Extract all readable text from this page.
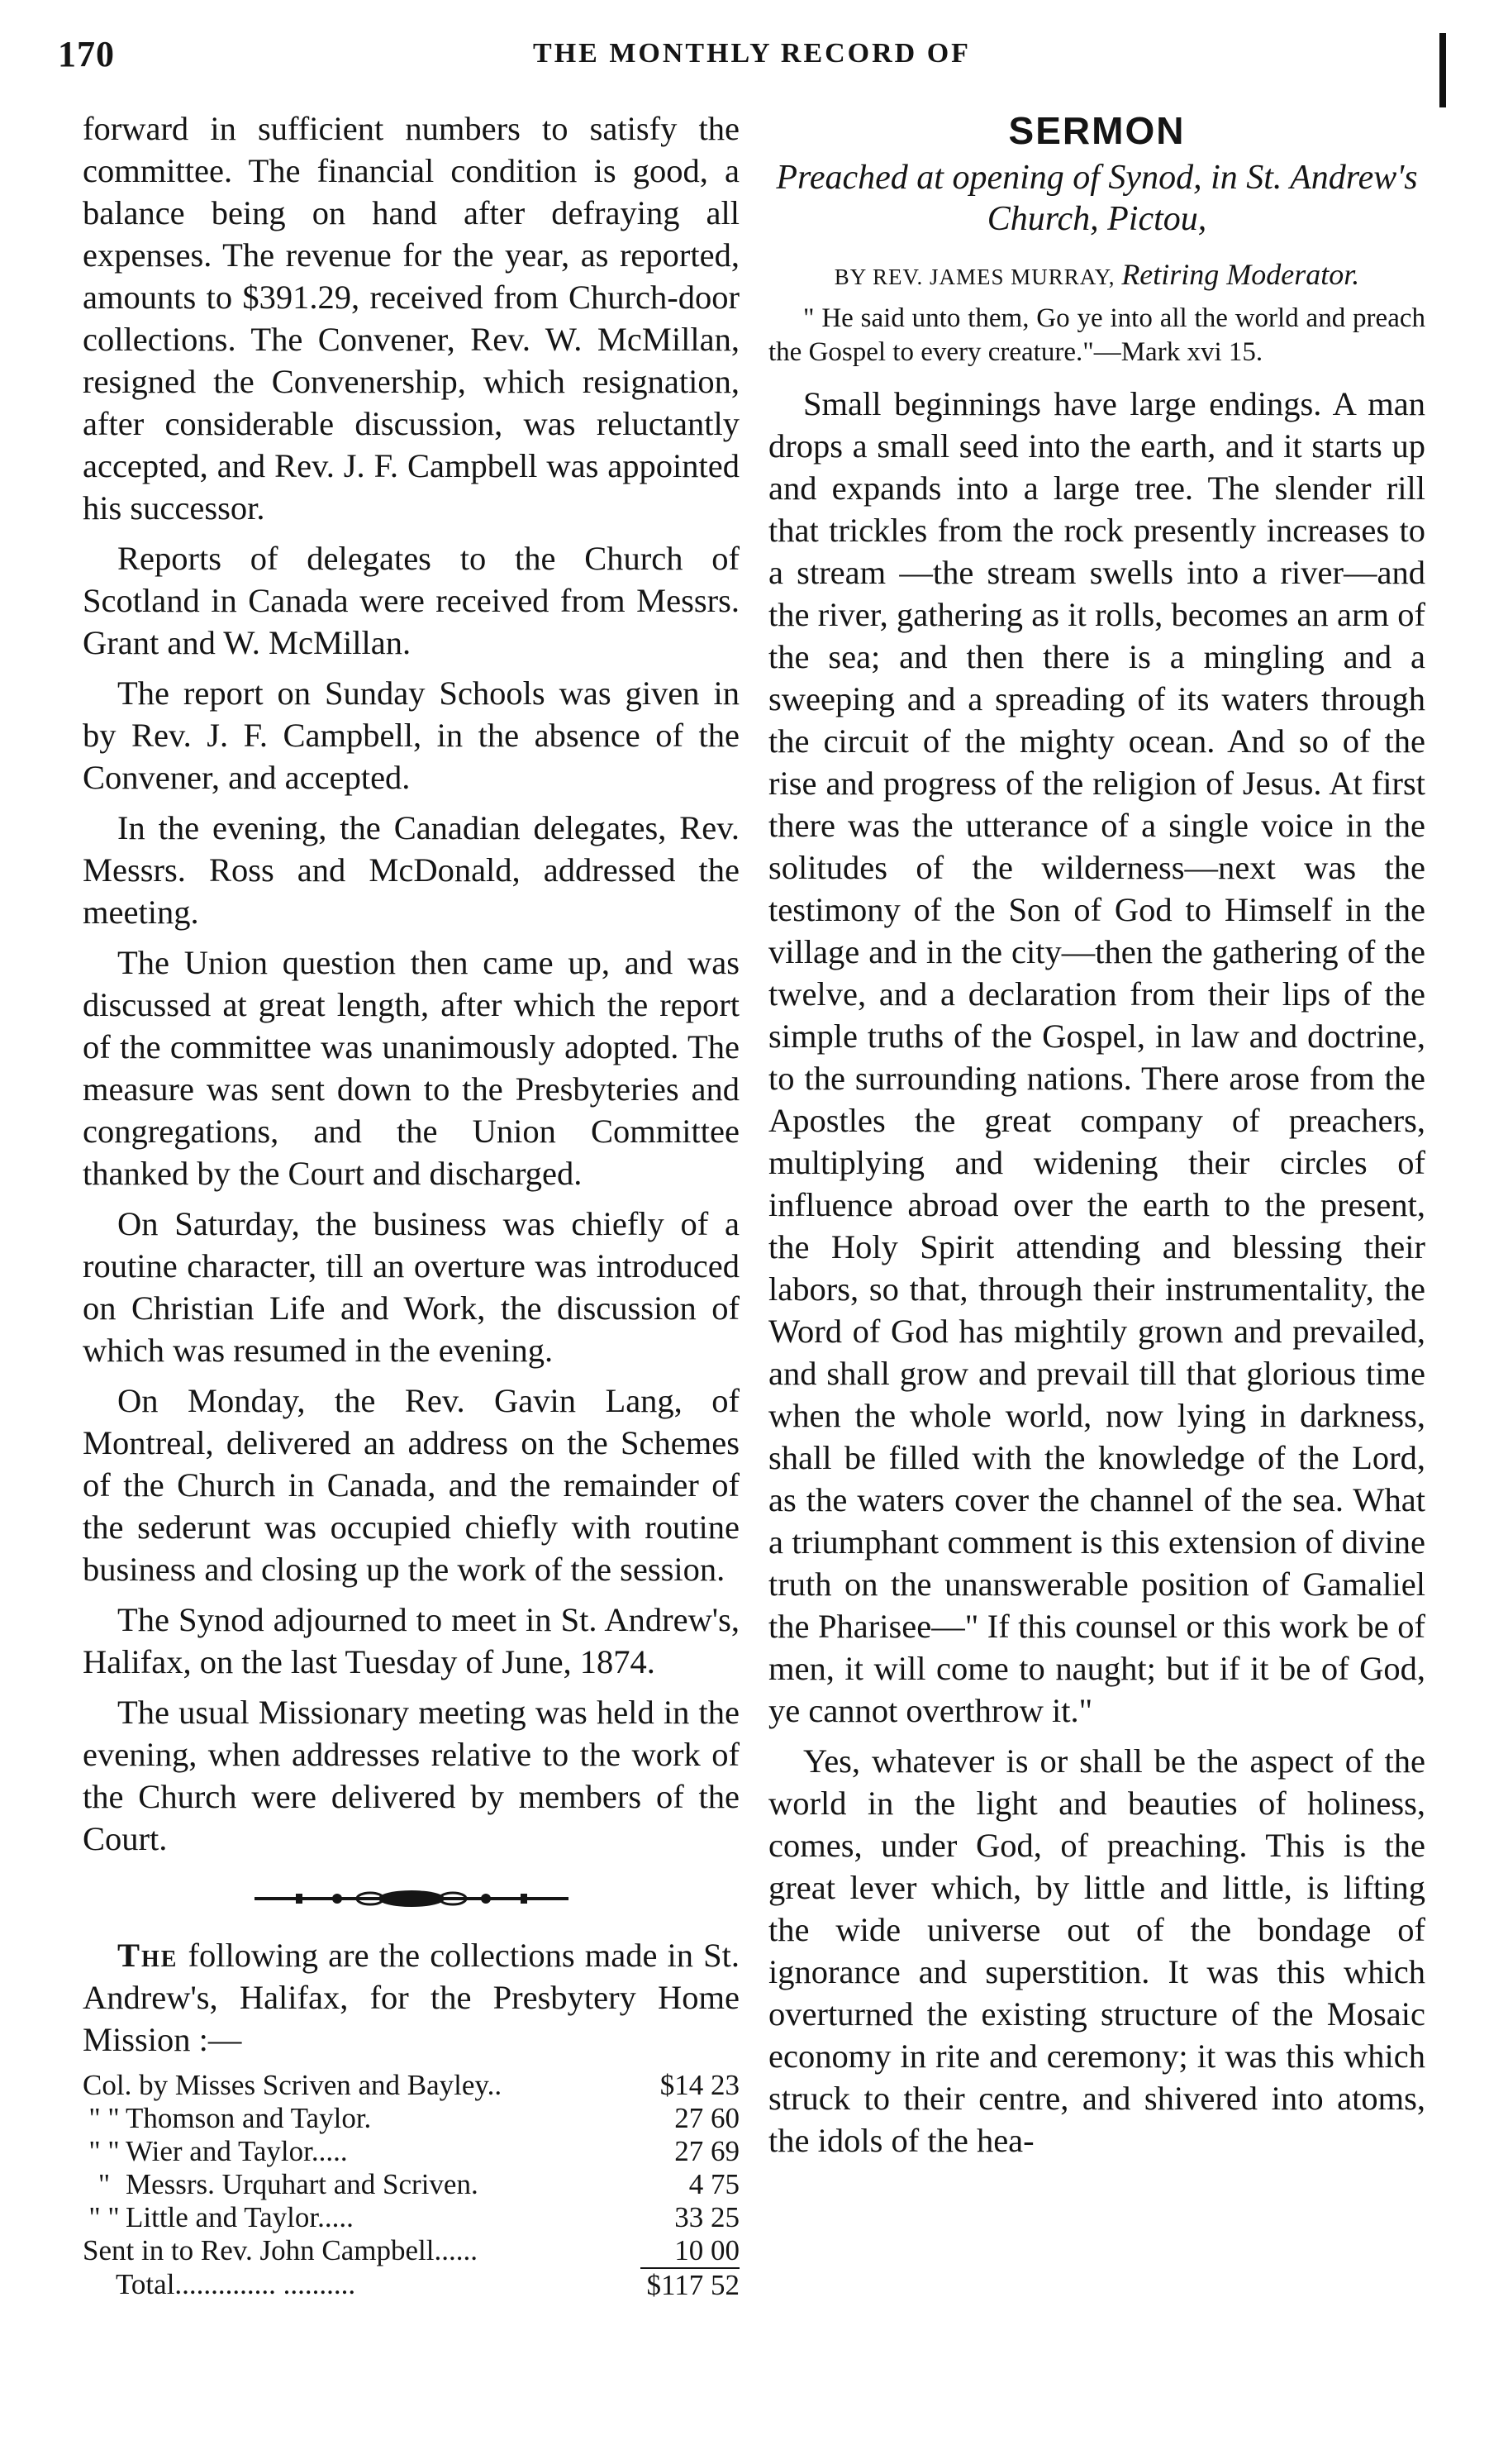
170	THE MONTHLY RECORD OF

forward in sufficient numbers to satisfy the committee. The financial condition is good, a balance being on hand after defraying all expenses. The revenue for the year, as reported, amounts to $391.29, received from Church-door collections. The Convener, Rev. W. McMillan, resigned the Convenership, which resignation, after considerable discussion, was reluctantly accepted, and Rev. J. F. Campbell was appointed his successor.

Reports of delegates to the Church of Scotland in Canada were received from Messrs. Grant and W. McMillan.

The report on Sunday Schools was given in by Rev. J. F. Campbell, in the absence of the Convener, and accepted.

In the evening, the Canadian delegates, Rev. Messrs. Ross and McDonald, addressed the meeting.

The Union question then came up, and was discussed at great length, after which the report of the committee was unanimously adopted. The measure was sent down to the Presbyteries and congregations, and the Union Committee thanked by the Court and discharged.

On Saturday, the business was chiefly of a routine character, till an overture was introduced on Christian Life and Work, the discussion of which was resumed in the evening.

On Monday, the Rev. Gavin Lang, of Montreal, delivered an address on the Schemes of the Church in Canada, and the remainder of the sederunt was occupied chiefly with routine business and closing up the work of the session.

The Synod adjourned to meet in St. Andrew's, Halifax, on the last Tuesday of June, 1874.

The usual Missionary meeting was held in the evening, when addresses relative to the work of the Church were delivered by members of the Court.

The following are the collections made in St. Andrew's, Halifax, for the Presbytery Home Mission :—

Col. by Misses Scriven and Bayley..		$14 23
" "	Thomson and Taylor.	27 60
" "	Wier and Taylor.....	27 69
"	Messrs. Urquhart and Scriven.	4 75
" "	Little and Taylor.....	33 25
Sent in to Rev. John Campbell......		10 00
Total.............. ..........		$117 52
SERMON
Preached at opening of Synod, in St. Andrew's Church, Pictou,
BY REV. JAMES MURRAY, Retiring Moderator.

" He said unto them, Go ye into all the world and preach the Gospel to every creature."—Mark xvi 15.

Small beginnings have large endings. A man drops a small seed into the earth, and it starts up and expands into a large tree. The slender rill that trickles from the rock presently increases to a stream —the stream swells into a river—and the river, gathering as it rolls, becomes an arm of the sea; and then there is a mingling and a sweeping and a spreading of its waters through the circuit of the mighty ocean. And so of the rise and progress of the religion of Jesus. At first there was the utterance of a single voice in the solitudes of the wilderness—next was the testimony of the Son of God to Himself in the village and in the city—then the gathering of the twelve, and a declaration from their lips of the simple truths of the Gospel, in law and doctrine, to the surrounding nations. There arose from the Apostles the great company of preachers, multiplying and widening their circles of influence abroad over the earth to the present, the Holy Spirit attending and blessing their labors, so that, through their instrumentality, the Word of God has mightily grown and prevailed, and shall grow and prevail till that glorious time when the whole world, now lying in darkness, shall be filled with the knowledge of the Lord, as the waters cover the channel of the sea. What a triumphant comment is this extension of divine truth on the unanswerable position of Gamaliel the Pharisee—" If this counsel or this work be of men, it will come to naught; but if it be of God, ye cannot overthrow it."

Yes, whatever is or shall be the aspect of the world in the light and beauties of holiness, comes, under God, of preaching. This is the great lever which, by little and little, is lifting the wide universe out of the bondage of ignorance and superstition. It was this which overturned the existing structure of the Mosaic economy in rite and ceremony; it was this which struck to their centre, and shivered into atoms, the idols of the hea-
